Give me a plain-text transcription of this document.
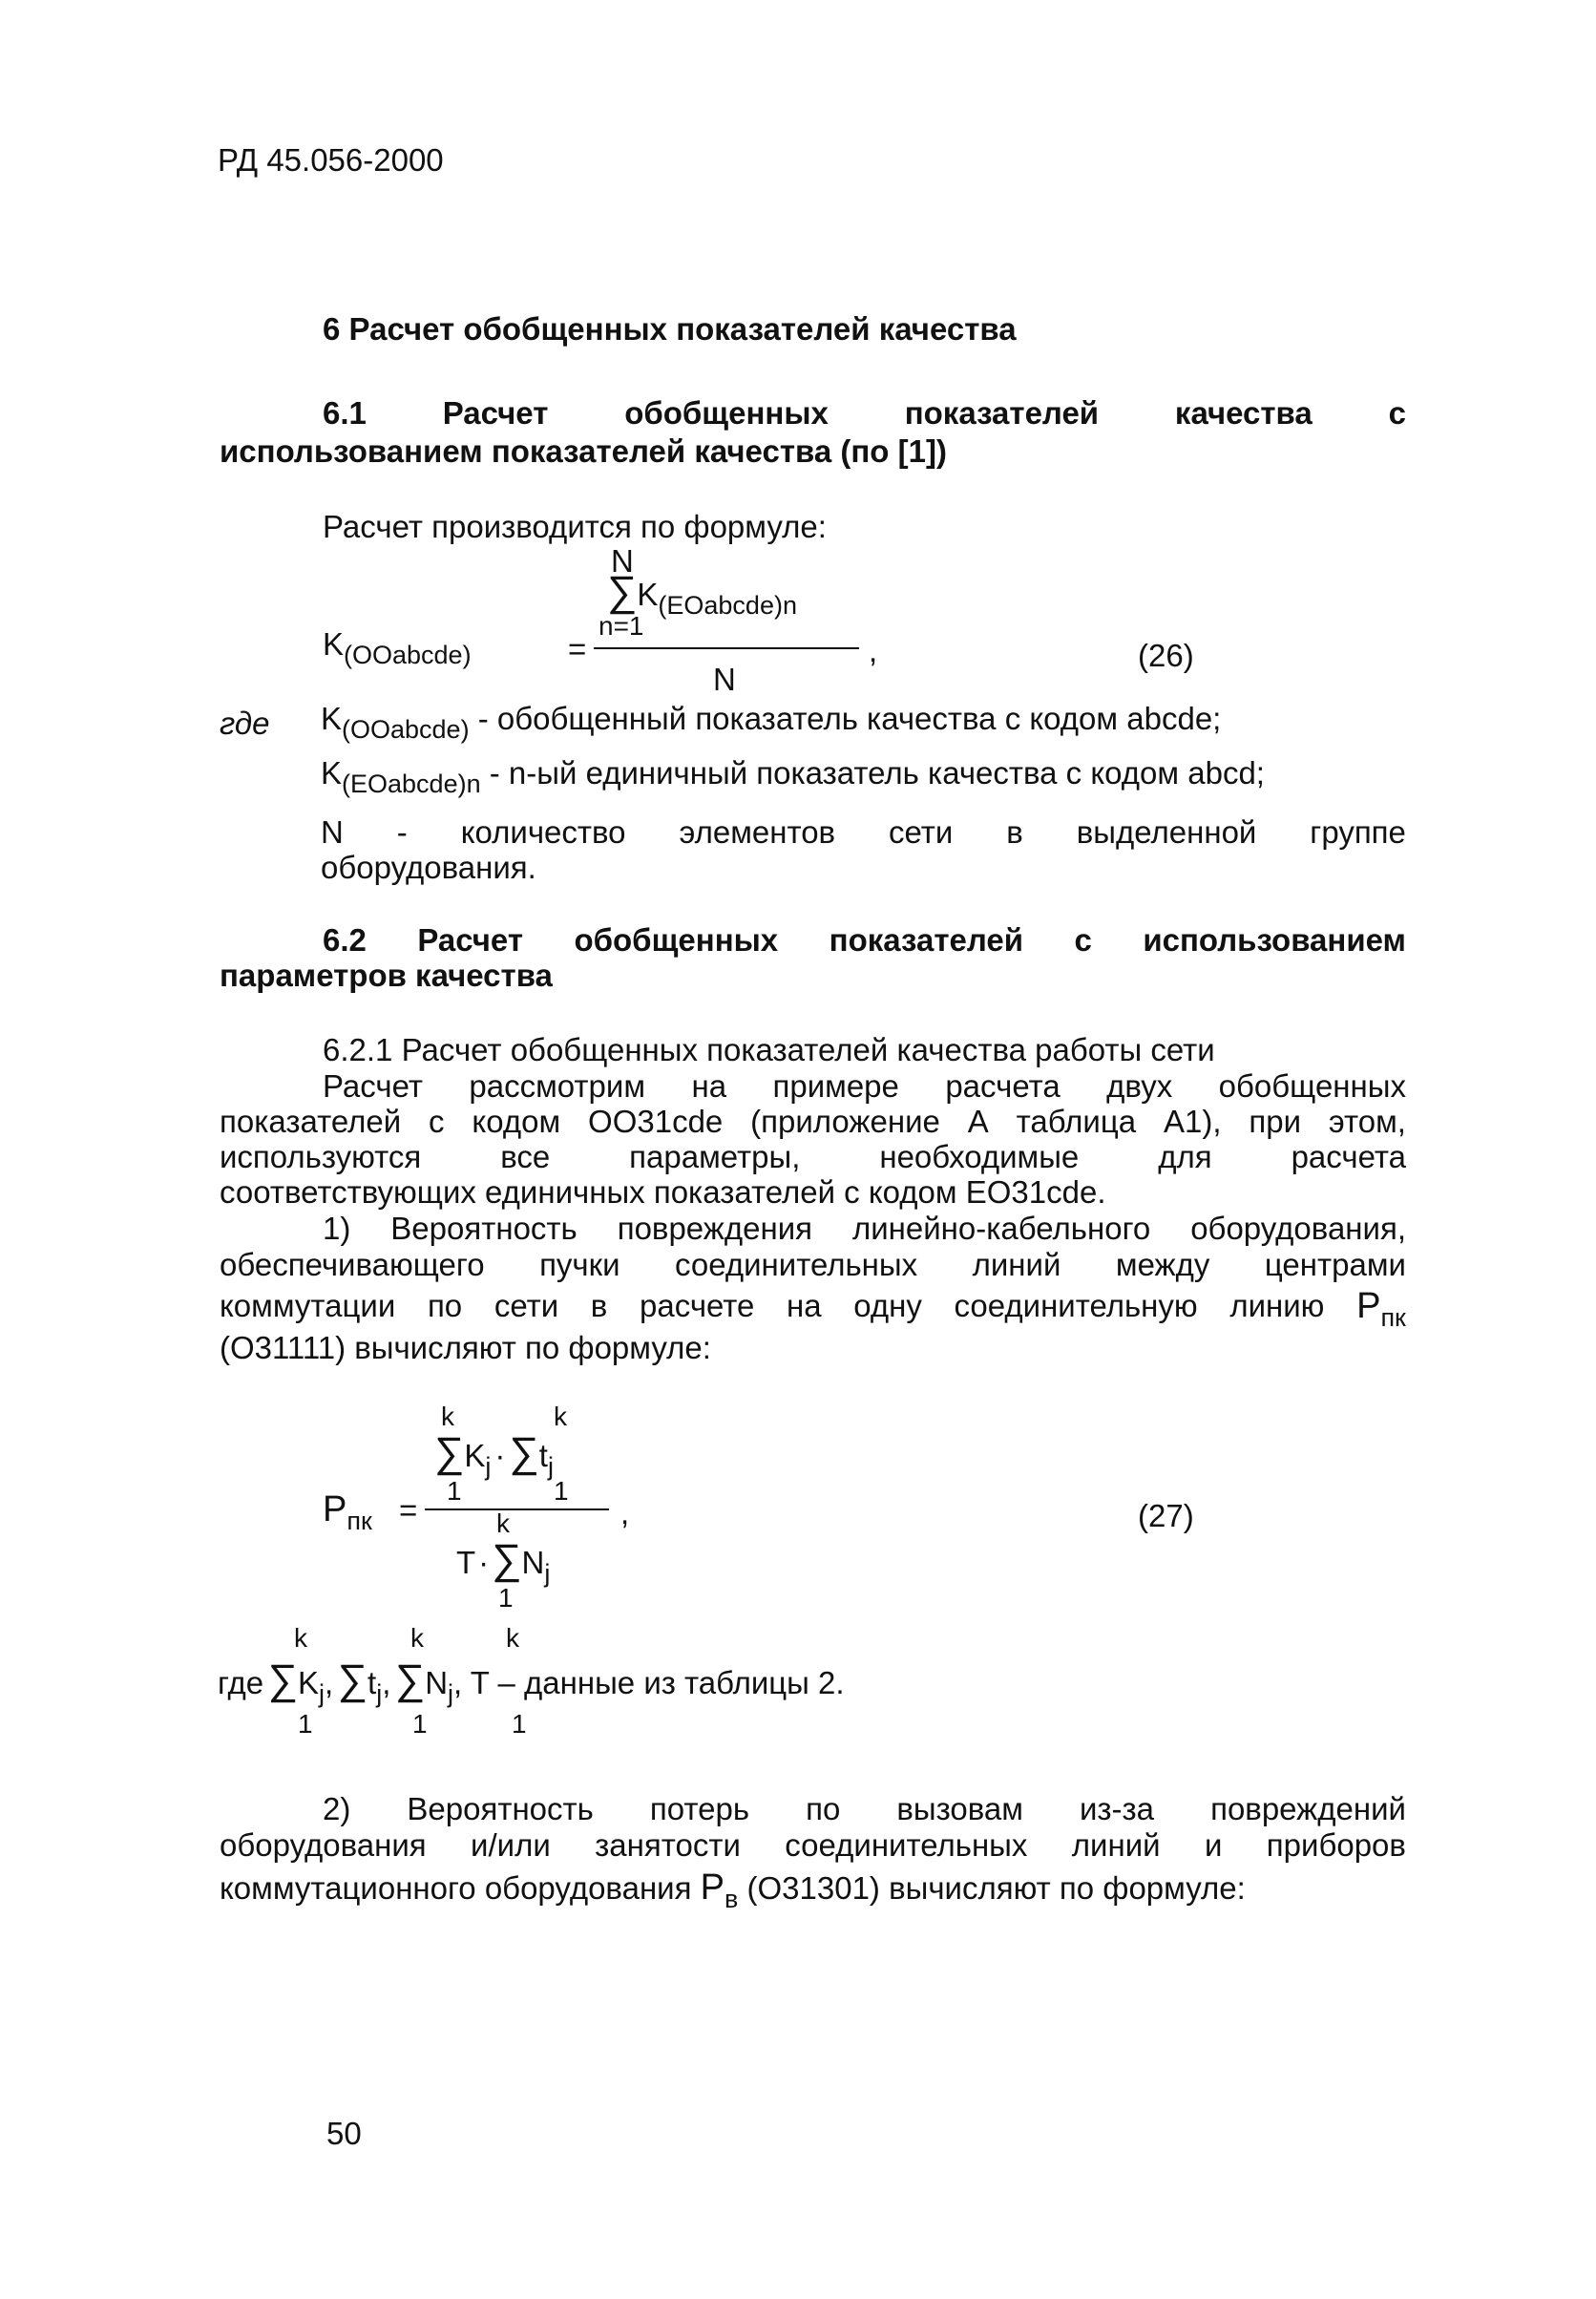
РД 45.056-2000
6 Расчет обобщенных показателей качества
6.1 Расчет обобщенных показателей качества с
использованием показателей качества (по [1])
Расчет производится по формуле:
N
∑K(EOabcde)n
n=1
K(OOabcde)	=	,
N
(26)
где K(OOabcde) - обобщенный показатель качества с кодом abcde;
K(EOabcde)n - n-ый единичный показатель качества с кодом abcd;
N - количество элементов сети в выделенной группе
оборудования.
6.2 Расчет обобщенных показателей с использованием
параметров качества
6.2.1 Расчет обобщенных показателей качества работы сети
Расчет рассмотрим на примере расчета двух обобщенных
показателей с кодом OO31cde (приложение А таблица А1), при этом,
используются	все	параметры,	необходимые	для	расчета
соответствующих единичных показателей с кодом EO31cde.
1) Вероятность повреждения линейно-кабельного оборудования,
обеспечивающего пучки соединительных линий между центрами
коммутации по сети в расчете на одну соединительную линию $P_{пк}$
(O31111) вычисляют по формуле:
k	k
∑Kj ·∑tj
1	1
Pпк =	,
k
T·∑Nj
1
(27)
k	k	k
где ∑Kj, ∑tj, ∑Nj, T – данные из таблицы 2.
1	1	1
2) Вероятность потерь по вызовам из-за повреждений
оборудования и/или занятости соединительных линий и приборов
коммутационного оборудования Pв (O31301) вычисляют по формуле:
50
